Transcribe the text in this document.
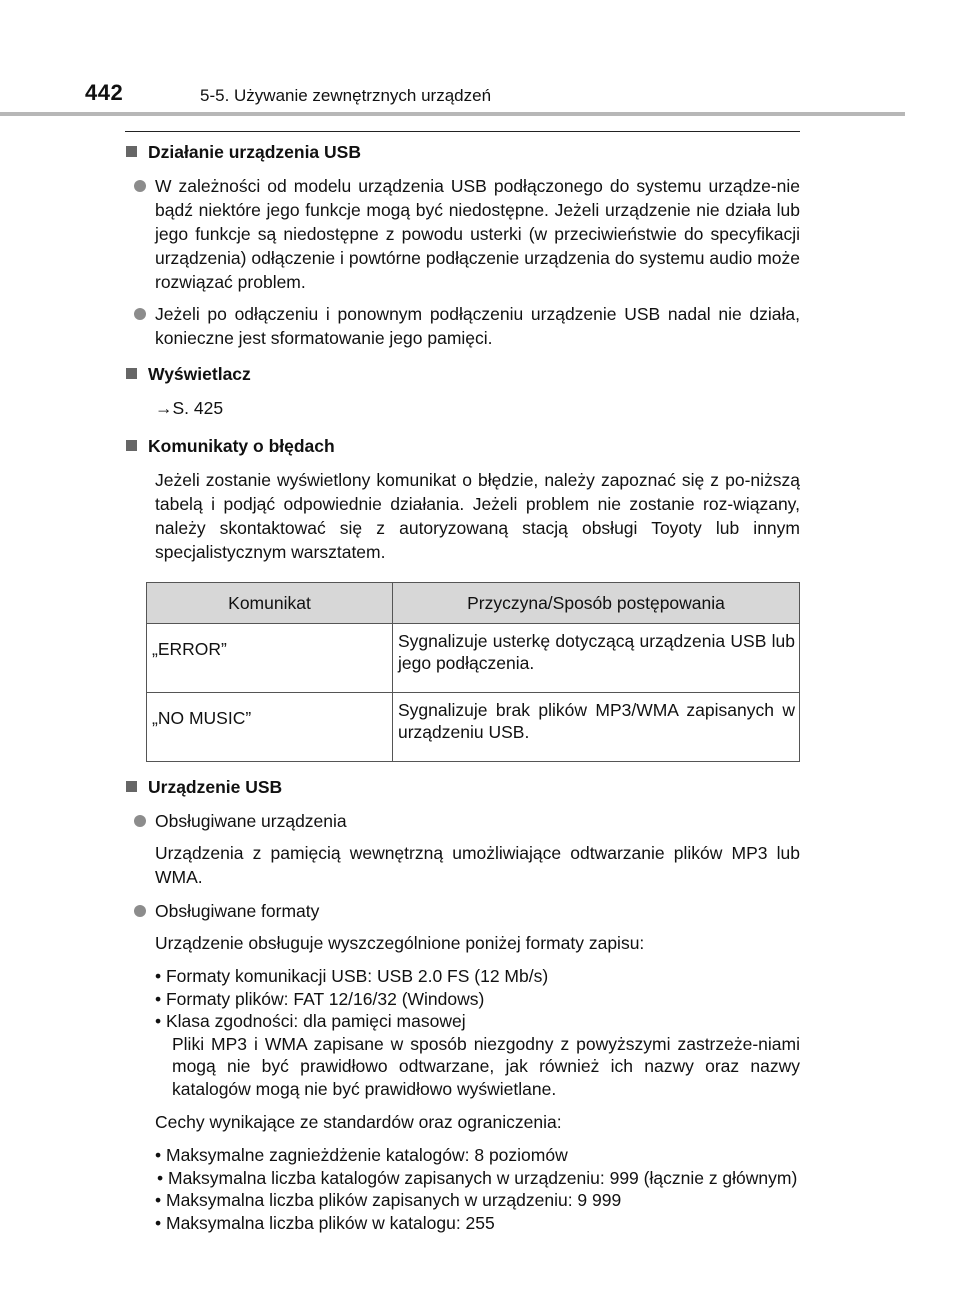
442	5-5. Używanie zewnętrznych urządzeń
Działanie urządzenia USB
W zależności od modelu urządzenia USB podłączonego do systemu urządze-nie bądź niektóre jego funkcje mogą być niedostępne. Jeżeli urządzenie nie działa lub jego funkcje są niedostępne z powodu usterki (w przeciwieństwie do specyfikacji urządzenia) odłączenie i powtórne podłączenie urządzenia do systemu audio może rozwiązać problem.
Jeżeli po odłączeniu i ponownym podłączeniu urządzenie USB nadal nie działa, konieczne jest sformatowanie jego pamięci.
Wyświetlacz
→S. 425
Komunikaty o błędach
Jeżeli zostanie wyświetlony komunikat o błędzie, należy zapoznać się z po-niższą tabelą i podjąć odpowiednie działania. Jeżeli problem nie zostanie roz-wiązany, należy skontaktować się z autoryzowaną stacją obsługi Toyoty lub innym specjalistycznym warsztatem.
Komunikat	Przyczyna/Sposób postępowania
„ERROR”	Sygnalizuje usterkę dotyczącą urządzenia USB lub jego podłączenia.
„NO MUSIC”	Sygnalizuje brak plików MP3/WMA zapisanych w urządzeniu USB.
Urządzenie USB
Obsługiwane urządzenia
Urządzenia z pamięcią wewnętrzną umożliwiające odtwarzanie plików MP3 lub WMA.
Obsługiwane formaty
Urządzenie obsługuje wyszczególnione poniżej formaty zapisu:
• Formaty komunikacji USB: USB 2.0 FS (12 Mb/s)
• Formaty plików: FAT 12/16/32 (Windows)
• Klasa zgodności: dla pamięci masowej
Pliki MP3 i WMA zapisane w sposób niezgodny z powyższymi zastrzeże-niami mogą nie być prawidłowo odtwarzane, jak również ich nazwy oraz nazwy katalogów mogą nie być prawidłowo wyświetlane.
Cechy wynikające ze standardów oraz ograniczenia:
• Maksymalne zagnieżdżenie katalogów: 8 poziomów
• Maksymalna liczba katalogów zapisanych w urządzeniu: 999 (łącznie z głównym)
• Maksymalna liczba plików zapisanych w urządzeniu: 9 999
• Maksymalna liczba plików w katalogu: 255
